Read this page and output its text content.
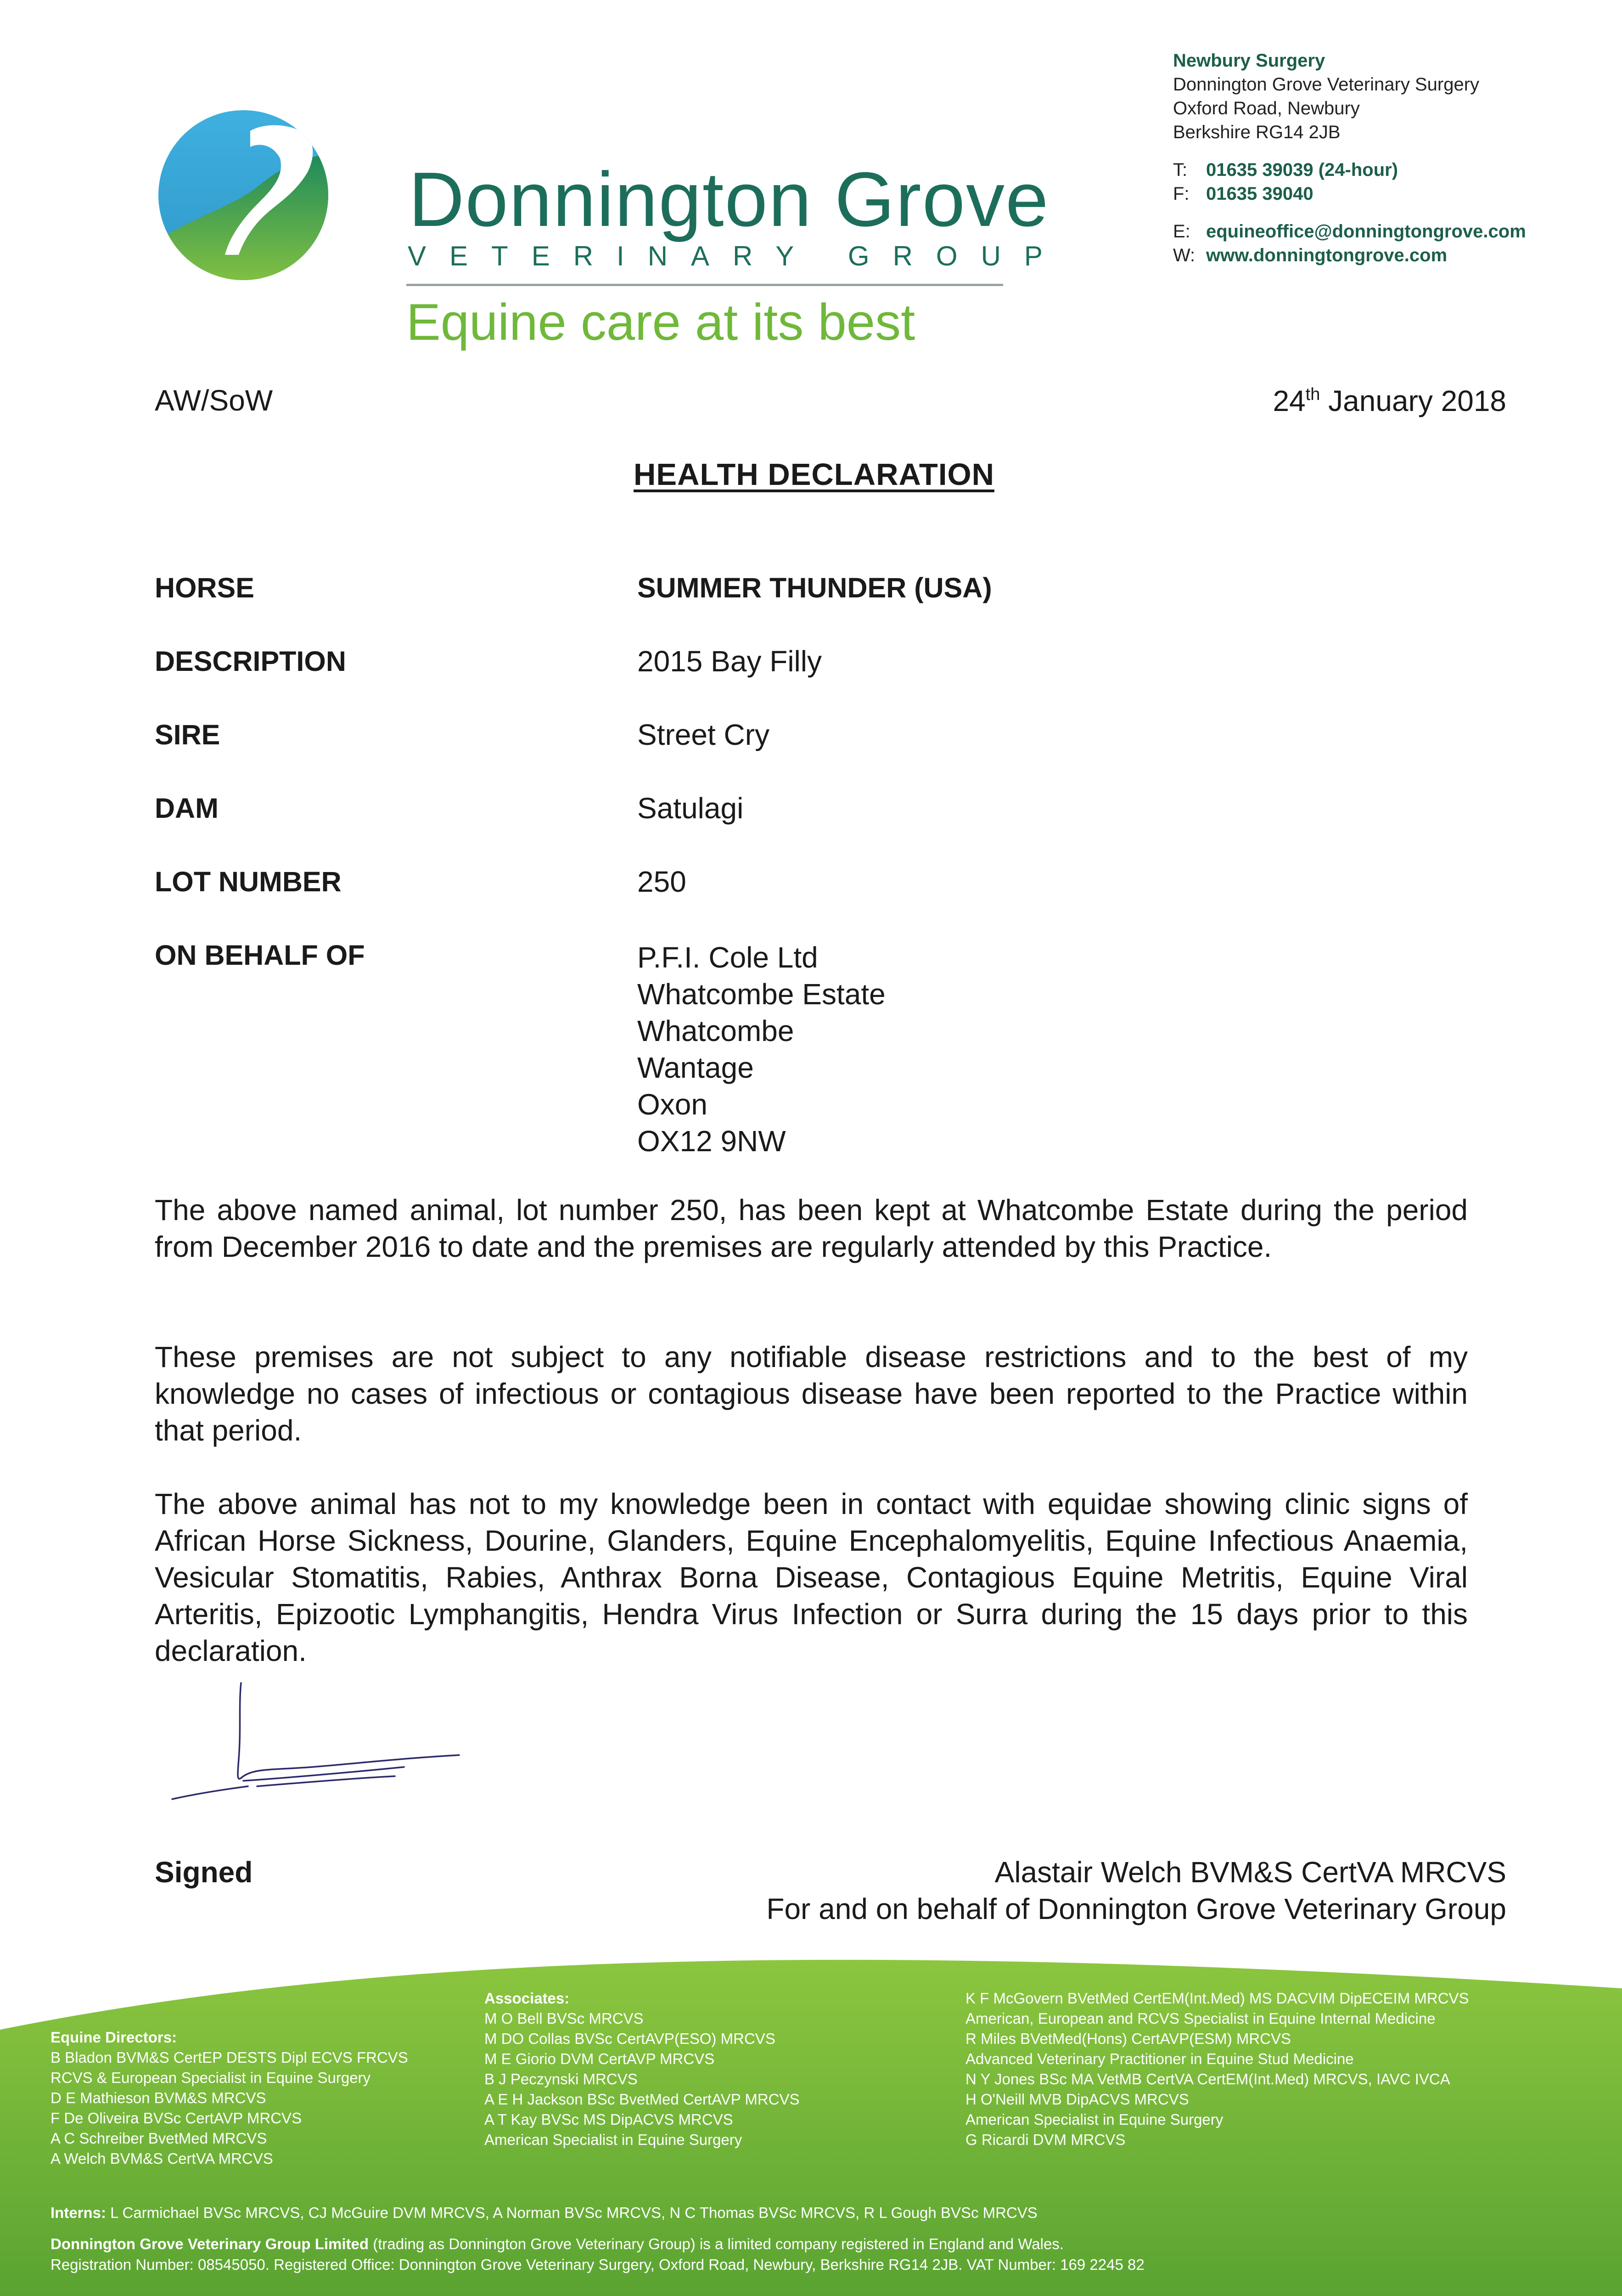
Donnington Grove
VETERINARY GROUP
Equine care at its best
Newbury Surgery
Donnington Grove Veterinary Surgery
Oxford Road, Newbury
Berkshire RG14 2JB
T: 01635 39039 (24-hour)
F: 01635 39040
E: equineoffice@donningtongrove.com
W: www.donningtongrove.com
AW/SoW	24th January 2018
HEALTH DECLARATION
HORSE	SUMMER THUNDER (USA)
DESCRIPTION	2015 Bay Filly
SIRE	Street Cry
DAM	Satulagi
LOT NUMBER	250
ON BEHALF OF	P.F.I. Cole Ltd
Whatcombe Estate
Whatcombe
Wantage
Oxon
OX12 9NW
The above named animal, lot number 250, has been kept at Whatcombe Estate during the period from December 2016 to date and the premises are regularly attended by this Practice.
These premises are not subject to any notifiable disease restrictions and to the best of my knowledge no cases of infectious or contagious disease have been reported to the Practice within that period.
The above animal has not to my knowledge been in contact with equidae showing clinic signs of African Horse Sickness, Dourine, Glanders, Equine Encephalomyelitis, Equine Infectious Anaemia, Vesicular Stomatitis, Rabies, Anthrax Borna Disease, Contagious Equine Metritis, Equine Viral Arteritis, Epizootic Lymphangitis, Hendra Virus Infection or Surra during the 15 days prior to this declaration.
Signed	Alastair Welch BVM&S CertVA MRCVS
For and on behalf of Donnington Grove Veterinary Group
Equine Directors:
B Bladon BVM&S CertEP DESTS Dipl ECVS FRCVS
RCVS & European Specialist in Equine Surgery
D E Mathieson BVM&S MRCVS
F De Oliveira BVSc CertAVP MRCVS
A C Schreiber BvetMed MRCVS
A Welch BVM&S CertVA MRCVS
Associates:
M O Bell BVSc MRCVS
M DO Collas BVSc CertAVP(ESO) MRCVS
M E Giorio DVM CertAVP MRCVS
B J Peczynski MRCVS
A E H Jackson BSc BvetMed CertAVP MRCVS
A T Kay BVSc MS DipACVS MRCVS
American Specialist in Equine Surgery
K F McGovern BVetMed CertEM(Int.Med) MS DACVIM DipECEIM MRCVS
American, European and RCVS Specialist in Equine Internal Medicine
R Miles BVetMed(Hons) CertAVP(ESM) MRCVS
Advanced Veterinary Practitioner in Equine Stud Medicine
N Y Jones BSc MA VetMB CertVA CertEM(Int.Med) MRCVS, IAVC IVCA
H O'Neill MVB DipACVS MRCVS
American Specialist in Equine Surgery
G Ricardi DVM MRCVS
Interns: L Carmichael BVSc MRCVS, CJ McGuire DVM MRCVS, A Norman BVSc MRCVS, N C Thomas BVSc MRCVS, R L Gough BVSc MRCVS
Donnington Grove Veterinary Group Limited (trading as Donnington Grove Veterinary Group) is a limited company registered in England and Wales.
Registration Number: 08545050. Registered Office: Donnington Grove Veterinary Surgery, Oxford Road, Newbury, Berkshire RG14 2JB. VAT Number: 169 2245 82
